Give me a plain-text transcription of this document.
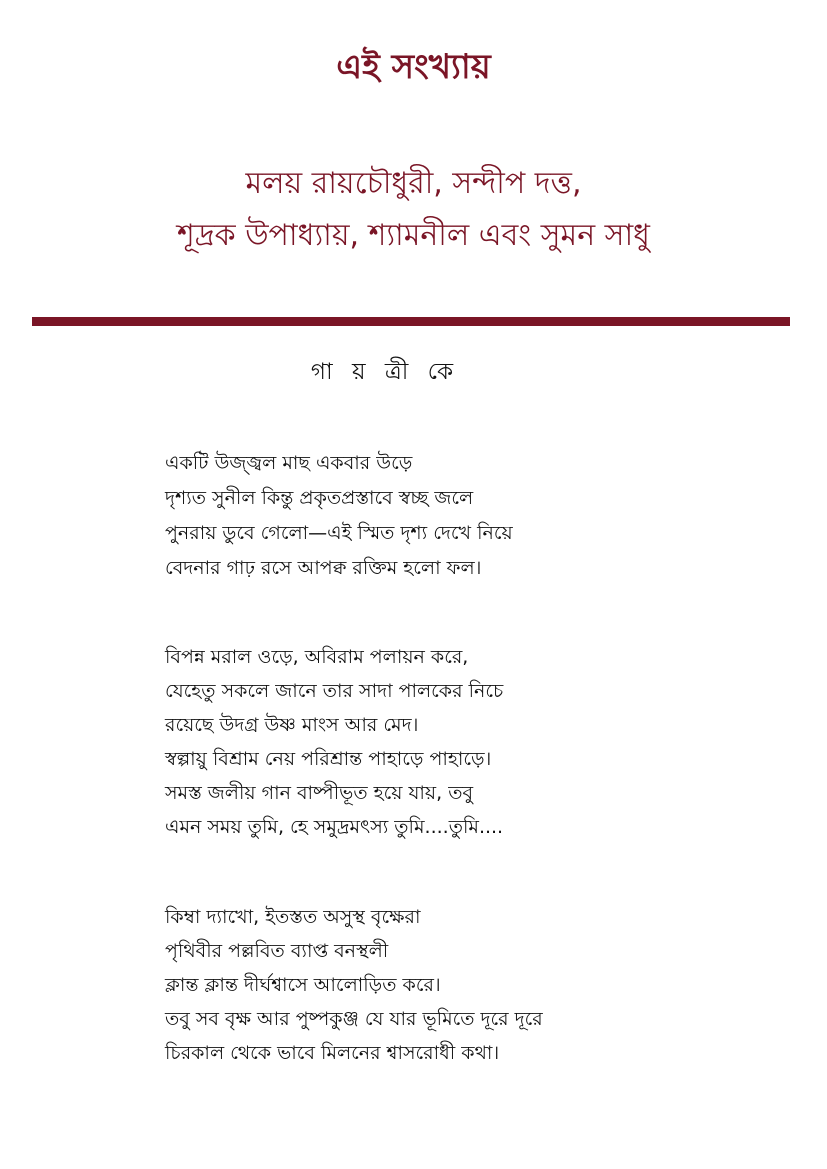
এই সংখ্যায়
মলয় রায়চৌধুরী, সন্দীপ দত্ত,
শূদ্রক উপাধ্যায়, শ্যামনীল এবং সুমন সাধু
গা য় ত্রী কে
একটি উজ্জ্বল মাছ একবার উড়ে
দৃশ্যত সুনীল কিন্তু প্রকৃতপ্রস্তাবে স্বচ্ছ জলে
পুনরায় ডুবে গেলো—এই স্মিত দৃশ্য দেখে নিয়ে
বেদনার গাঢ় রসে আপক্ব রক্তিম হলো ফল।
বিপন্ন মরাল ওড়ে, অবিরাম পলায়ন করে,
যেহেতু সকলে জানে তার সাদা পালকের নিচে
রয়েছে উদগ্র উষ্ণ মাংস আর মেদ।
স্বল্পায়ু বিশ্রাম নেয় পরিশ্রান্ত পাহাড়ে পাহাড়ে।
সমস্ত জলীয় গান বাষ্পীভূত হয়ে যায়, তবু
এমন সময় তুমি, হে সমুদ্রমৎস্য তুমি....তুমি....
কিম্বা দ্যাখো, ইতস্তত অসুস্থ বৃক্ষেরা
পৃথিবীর পল্লবিত ব্যাপ্ত বনস্থলী
ক্লান্ত ক্লান্ত দীর্ঘশ্বাসে আলোড়িত করে।
তবু সব বৃক্ষ আর পুষ্পকুঞ্জ যে যার ভূমিতে দূরে দূরে
চিরকাল থেকে ভাবে মিলনের শ্বাসরোধী কথা।
